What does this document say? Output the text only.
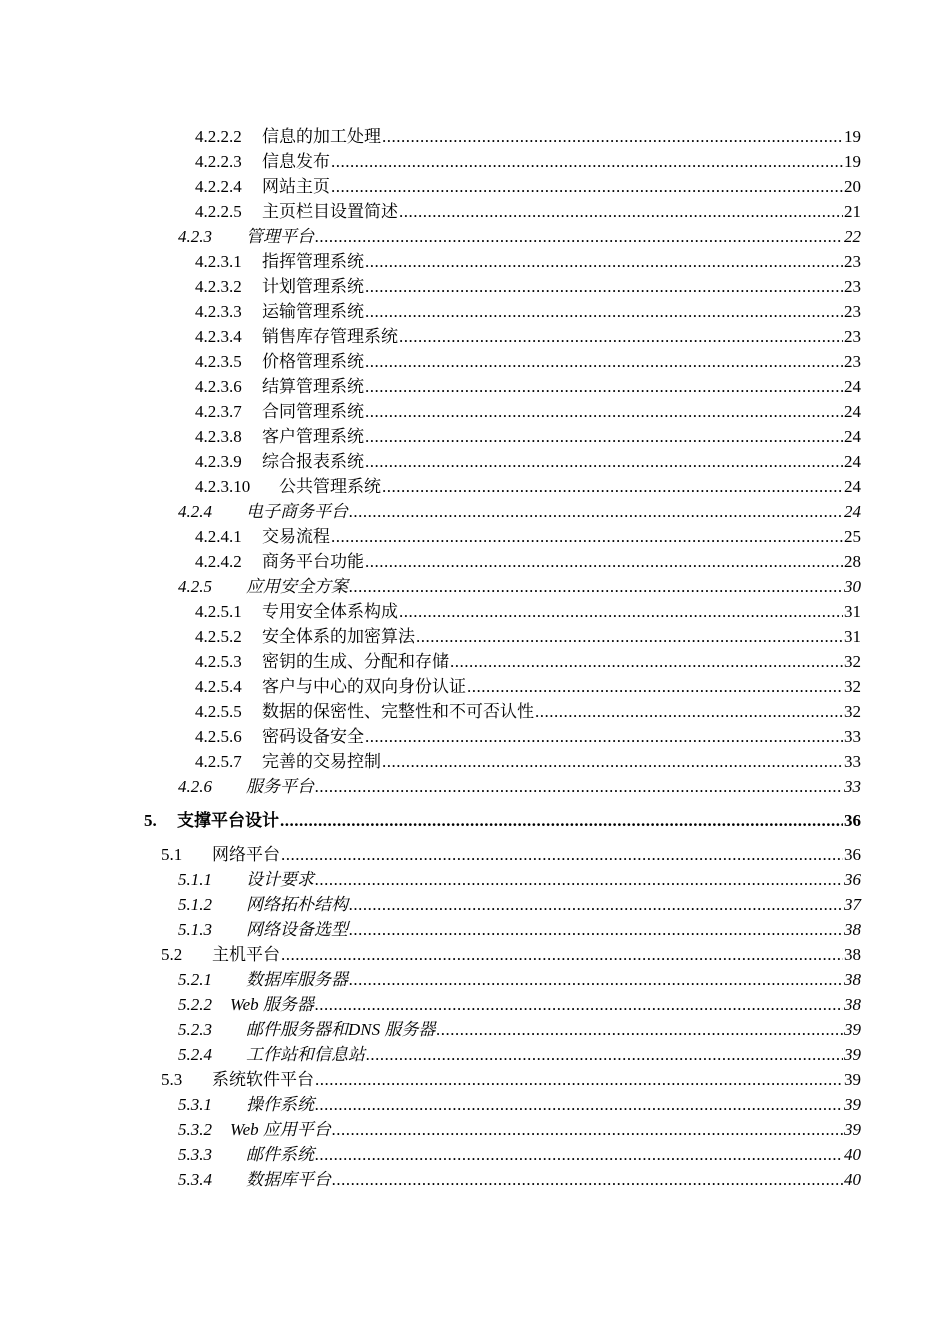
4.2.2.2	信息的加工处理 .....	19
4.2.2.3	信息发布 .....	19
4.2.2.4	网站主页 .....	20
4.2.2.5	主页栏目设置简述 .....	21
4.2.3	管理平台 .....	22
4.2.3.1	指挥管理系统 .....	23
4.2.3.2	计划管理系统 .....	23
4.2.3.3	运输管理系统 .....	23
4.2.3.4	销售库存管理系统 .....	23
4.2.3.5	价格管理系统 .....	23
4.2.3.6	结算管理系统 .....	24
4.2.3.7	合同管理系统 .....	24
4.2.3.8	客户管理系统 .....	24
4.2.3.9	综合报表系统 .....	24
4.2.3.10	公共管理系统 .....	24
4.2.4	电子商务平台 .....	24
4.2.4.1	交易流程 .....	25
4.2.4.2	商务平台功能 .....	28
4.2.5	应用安全方案 .....	30
4.2.5.1	专用安全体系构成 .....	31
4.2.5.2	安全体系的加密算法 .....	31
4.2.5.3	密钥的生成、分配和存储 .....	32
4.2.5.4	客户与中心的双向身份认证 .....	32
4.2.5.5	数据的保密性、完整性和不可否认性 .....	32
4.2.5.6	密码设备安全 .....	33
4.2.5.7	完善的交易控制 .....	33
4.2.6	服务平台 .....	33
5.	支撑平台设计 .....	36
5.1	网络平台 .....	36
5.1.1	设计要求 .....	36
5.1.2	网络拓朴结构 .....	37
5.1.3	网络设备选型 .....	38
5.2	主机平台 .....	38
5.2.1	数据库服务器 .....	38
5.2.2	Web 服务器 .....	38
5.2.3	邮件服务器和DNS 服务器 .....	39
5.2.4	工作站和信息站 .....	39
5.3	系统软件平台 .....	39
5.3.1	操作系统 .....	39
5.3.2	Web 应用平台 .....	39
5.3.3	邮件系统 .....	40
5.3.4	数据库平台 .....	40
